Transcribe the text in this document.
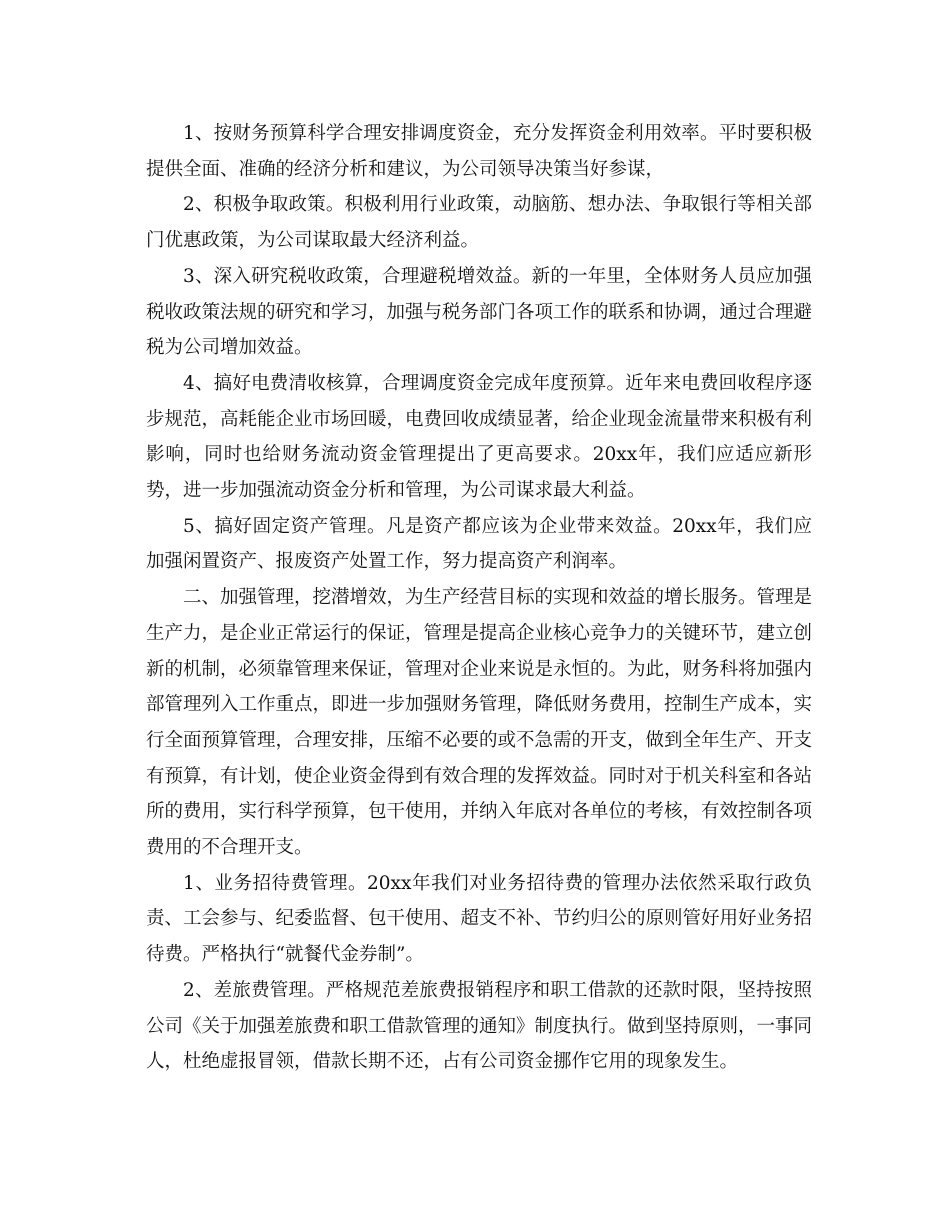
1、按财务预算科学合理安排调度资金，充分发挥资金利用效率。平时要积极提供全面、准确的经济分析和建议，为公司领导决策当好参谋，

2、积极争取政策。积极利用行业政策，动脑筋、想办法、争取银行等相关部门优惠政策，为公司谋取最大经济利益。

3、深入研究税收政策，合理避税增效益。新的一年里，全体财务人员应加强税收政策法规的研究和学习，加强与税务部门各项工作的联系和协调，通过合理避税为公司增加效益。

4、搞好电费清收核算，合理调度资金完成年度预算。近年来电费回收程序逐步规范，高耗能企业市场回暖，电费回收成绩显著，给企业现金流量带来积极有利影响，同时也给财务流动资金管理提出了更高要求。20xx年，我们应适应新形势，进一步加强流动资金分析和管理，为公司谋求最大利益。

5、搞好固定资产管理。凡是资产都应该为企业带来效益。20xx年，我们应加强闲置资产、报废资产处置工作，努力提高资产利润率。

二、加强管理，挖潜增效，为生产经营目标的实现和效益的增长服务。管理是生产力，是企业正常运行的保证，管理是提高企业核心竞争力的关键环节，建立创新的机制，必须靠管理来保证，管理对企业来说是永恒的。为此，财务科将加强内部管理列入工作重点，即进一步加强财务管理，降低财务费用，控制生产成本，实行全面预算管理，合理安排，压缩不必要的或不急需的开支，做到全年生产、开支有预算，有计划，使企业资金得到有效合理的发挥效益。同时对于机关科室和各站所的费用，实行科学预算，包干使用，并纳入年底对各单位的考核，有效控制各项费用的不合理开支。

1、业务招待费管理。20xx年我们对业务招待费的管理办法依然采取行政负责、工会参与、纪委监督、包干使用、超支不补、节约归公的原则管好用好业务招待费。严格执行“就餐代金券制”。

2、差旅费管理。严格规范差旅费报销程序和职工借款的还款时限，坚持按照公司《关于加强差旅费和职工借款管理的通知》制度执行。做到坚持原则，一事同人，杜绝虚报冒领，借款长期不还，占有公司资金挪作它用的现象发生。
